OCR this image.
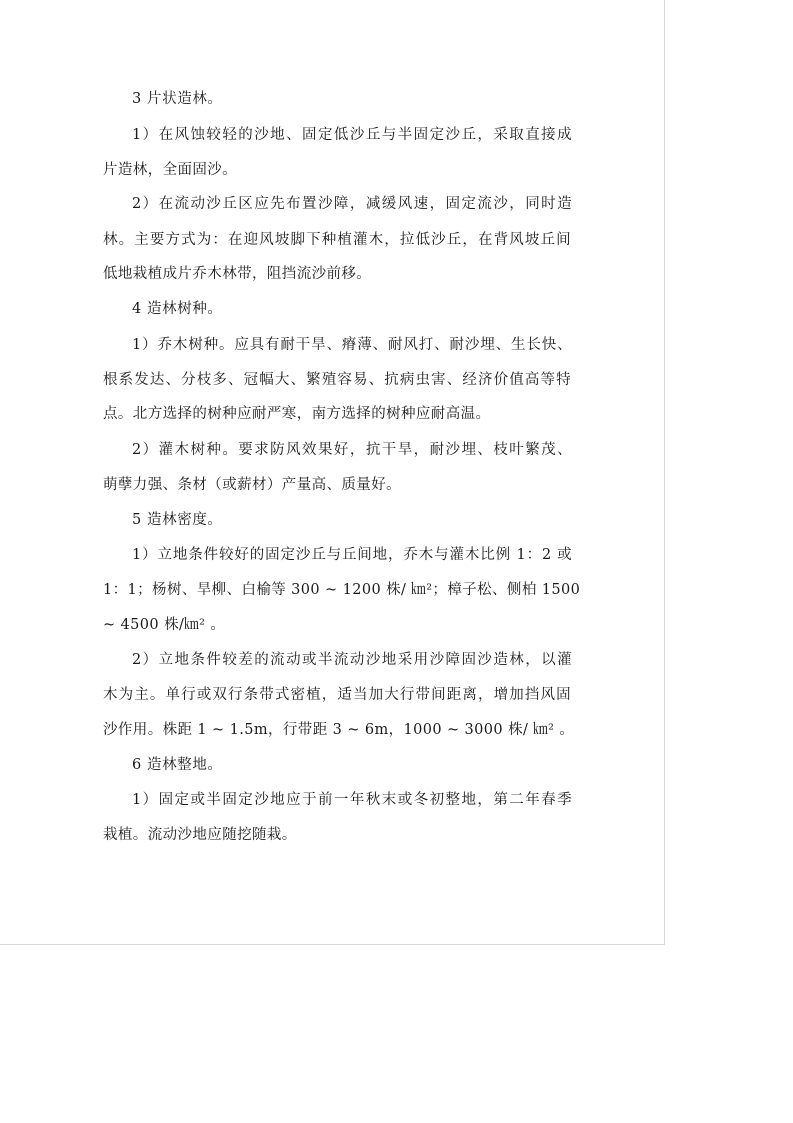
3 片状造林。
1）在风蚀较轻的沙地、固定低沙丘与半固定沙丘，采取直接成
片造林，全面固沙。
2）在流动沙丘区应先布置沙障，减缓风速，固定流沙，同时造
林。主要方式为：在迎风坡脚下种植灌木，拉低沙丘，在背风坡丘间
低地栽植成片乔木林带，阻挡流沙前移。
4 造林树种。
1）乔木树种。应具有耐干旱、瘠薄、耐风打、耐沙埋、生长快、
根系发达、分枝多、冠幅大、繁殖容易、抗病虫害、经济价值高等特
点。北方选择的树种应耐严寒，南方选择的树种应耐高温。
2）灌木树种。要求防风效果好，抗干旱，耐沙埋、枝叶繁茂、
萌孽力强、条材（或薪材）产量高、质量好。
5 造林密度。
1）立地条件较好的固定沙丘与丘间地，乔木与灌木比例 1：2 或
1：1；杨树、旱柳、白榆等 300 ~ 1200 株/ ㎞²；樟子松、侧柏 1500
~ 4500 株/㎞² 。
2）立地条件较差的流动或半流动沙地采用沙障固沙造林，以灌
木为主。单行或双行条带式密植，适当加大行带间距离，增加挡风固
沙作用。株距 1 ~ 1.5m，行带距 3 ~ 6m，1000 ~ 3000 株/ ㎞² 。
6 造林整地。
1）固定或半固定沙地应于前一年秋末或冬初整地，第二年春季
栽植。流动沙地应随挖随栽。
